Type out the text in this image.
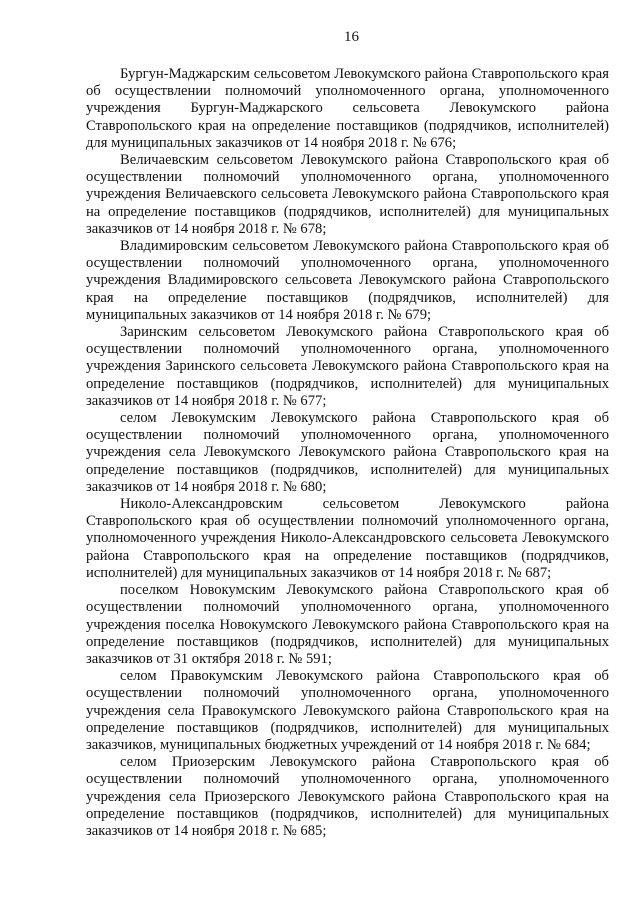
16

Бургун-Маджарским сельсоветом Левокумского района Ставропольского края об осуществлении полномочий уполномоченного органа, уполномоченного учреждения Бургун-Маджарского сельсовета Левокумского района Ставропольского края на определение поставщиков (подрядчиков, исполнителей) для муниципальных заказчиков от 14 ноября 2018 г. № 676;

Величаевским сельсоветом Левокумского района Ставропольского края об осуществлении полномочий уполномоченного органа, уполномоченного учреждения Величаевского сельсовета Левокумского района Ставропольского края на определение поставщиков (подрядчиков, исполнителей) для муниципальных заказчиков от 14 ноября 2018 г. № 678;

Владимировским сельсоветом Левокумского района Ставропольского края об осуществлении полномочий уполномоченного органа, уполномоченного учреждения Владимировского сельсовета Левокумского района Ставропольского края на определение поставщиков (подрядчиков, исполнителей) для муниципальных заказчиков от 14 ноября 2018 г. № 679;

Заринским сельсоветом Левокумского района Ставропольского края об осуществлении полномочий уполномоченного органа, уполномоченного учреждения Заринского сельсовета Левокумского района Ставропольского края на определение поставщиков (подрядчиков, исполнителей) для муниципальных заказчиков от 14 ноября 2018 г. № 677;

селом Левокумским Левокумского района Ставропольского края об осуществлении полномочий уполномоченного органа, уполномоченного учреждения села Левокумского Левокумского района Ставропольского края на определение поставщиков (подрядчиков, исполнителей) для муниципальных заказчиков от 14 ноября 2018 г. № 680;

Николо-Александровским сельсоветом Левокумского района Ставропольского края об осуществлении полномочий уполномоченного органа, уполномоченного учреждения Николо-Александровского сельсовета Левокумского района Ставропольского края на определение поставщиков (подрядчиков, исполнителей) для муниципальных заказчиков от 14 ноября 2018 г. № 687;

поселком Новокумским Левокумского района Ставропольского края об осуществлении полномочий уполномоченного органа, уполномоченного учреждения поселка Новокумского Левокумского района Ставропольского края на определение поставщиков (подрядчиков, исполнителей) для муниципальных заказчиков от 31 октября 2018 г. № 591;

селом Правокумским Левокумского района Ставропольского края об осуществлении полномочий уполномоченного органа, уполномоченного учреждения села Правокумского Левокумского района Ставропольского края на определение поставщиков (подрядчиков, исполнителей) для муниципальных заказчиков, муниципальных бюджетных учреждений от 14 ноября 2018 г. № 684;

селом Приозерским Левокумского района Ставропольского края об осуществлении полномочий уполномоченного органа, уполномоченного учреждения села Приозерского Левокумского района Ставропольского края на определение поставщиков (подрядчиков, исполнителей) для муниципальных заказчиков от 14 ноября 2018 г. № 685;
